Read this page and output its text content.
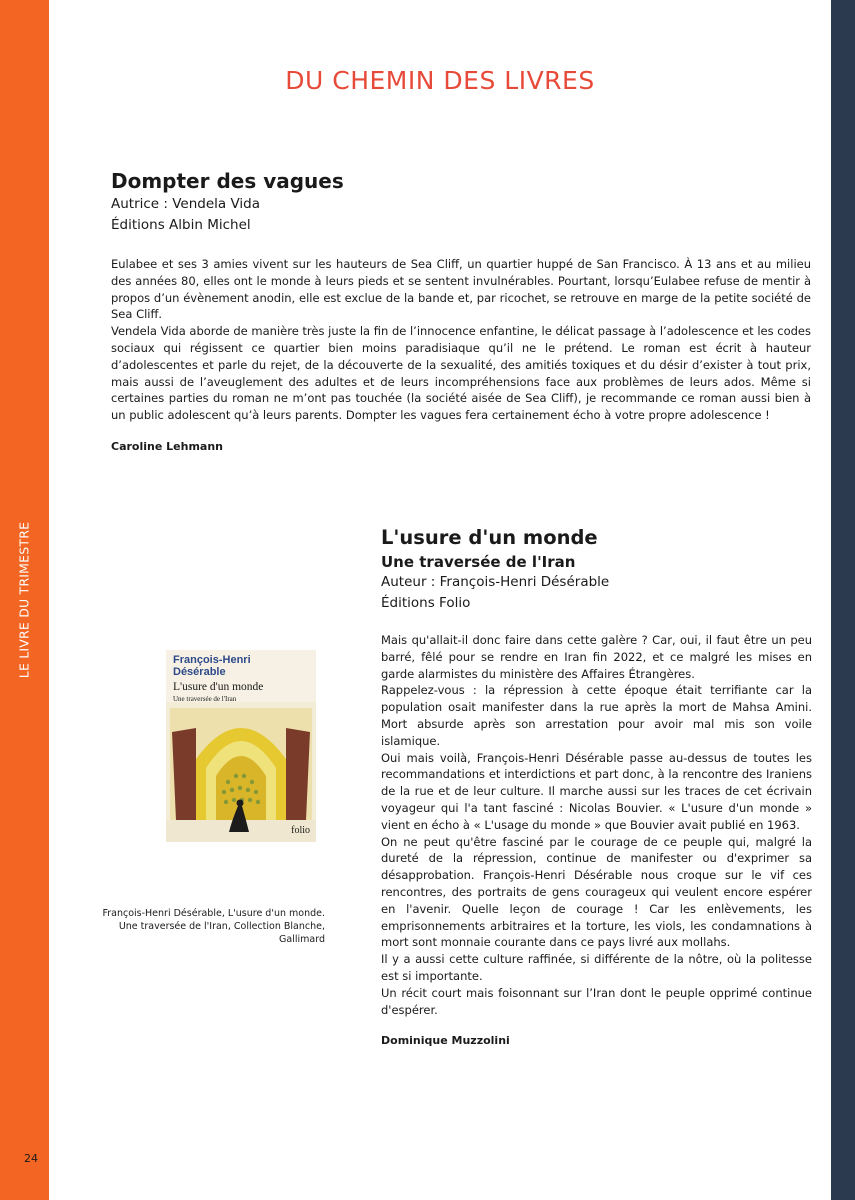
LE LIVRE DU TRIMESTRE
24
DU CHEMIN DES LIVRES
Dompter des vagues
Autrice : Vendela Vida
Éditions Albin Michel

Eulabee et ses 3 amies vivent sur les hauteurs de Sea Cliff, un quartier huppé de San Francisco. À 13 ans et au milieu des années 80, elles ont le monde à leurs pieds et se sentent invulnérables. Pourtant, lorsqu’Eulabee refuse de mentir à propos d’un évènement anodin, elle est exclue de la bande et, par ricochet, se retrouve en marge de la petite société de Sea Cliff.

Vendela Vida aborde de manière très juste la fin de l’innocence enfantine, le délicat passage à l’adolescence et les codes sociaux qui régissent ce quartier bien moins paradisiaque qu’il ne le prétend. Le roman est écrit à hauteur d’adolescentes et parle du rejet, de la découverte de la sexualité, des amitiés toxiques et du désir d’exister à tout prix, mais aussi de l’aveuglement des adultes et de leurs incompréhensions face aux problèmes de leurs ados. Même si certaines parties du roman ne m’ont pas touchée (la société aisée de Sea Cliff), je recommande ce roman aussi bien à un public adolescent qu’à leurs parents. Dompter les vagues fera certainement écho à votre propre adolescence !

Caroline Lehmann
François-Henri
Désérable
L'usure d'un monde
Une traversée de l'Iran
folio
François-Henri Désérable, L'usure d'un monde. Une traversée de l'Iran, Collection Blanche, Gallimard
L'usure d'un monde
Une traversée de l'Iran
Auteur : François-Henri Désérable
Éditions Folio

Mais qu'allait-il donc faire dans cette galère ? Car, oui, il faut être un peu barré, fêlé pour se rendre en Iran fin 2022, et ce malgré les mises en garde alarmistes du ministère des Affaires Étrangères.

Rappelez-vous : la répression à cette époque était terrifiante car la population osait manifester dans la rue après la mort de Mahsa Amini. Mort absurde après son arrestation pour avoir mal mis son voile islamique.

Oui mais voilà, François-Henri Désérable passe au-dessus de toutes les recommandations et interdictions et part donc, à la rencontre des Iraniens de la rue et de leur culture. Il marche aussi sur les traces de cet écrivain voyageur qui l'a tant fasciné : Nicolas Bouvier. « L'usure d'un monde » vient en écho à « L'usage du monde » que Bouvier avait publié en 1963.

On ne peut qu'être fasciné par le courage de ce peuple qui, malgré la dureté de la répression, continue de manifester ou d'exprimer sa désapprobation. François-Henri Désérable nous croque sur le vif ces rencontres, des portraits de gens courageux qui veulent encore espérer en l'avenir. Quelle leçon de courage ! Car les enlèvements, les emprisonnements arbitraires et la torture, les viols, les condamnations à mort sont monnaie courante dans ce pays livré aux mollahs.

Il y a aussi cette culture raffinée, si différente de la nôtre, où la politesse est si importante.

Un récit court mais foisonnant sur l’Iran dont le peuple opprimé continue d'espérer.

Dominique Muzzolini
